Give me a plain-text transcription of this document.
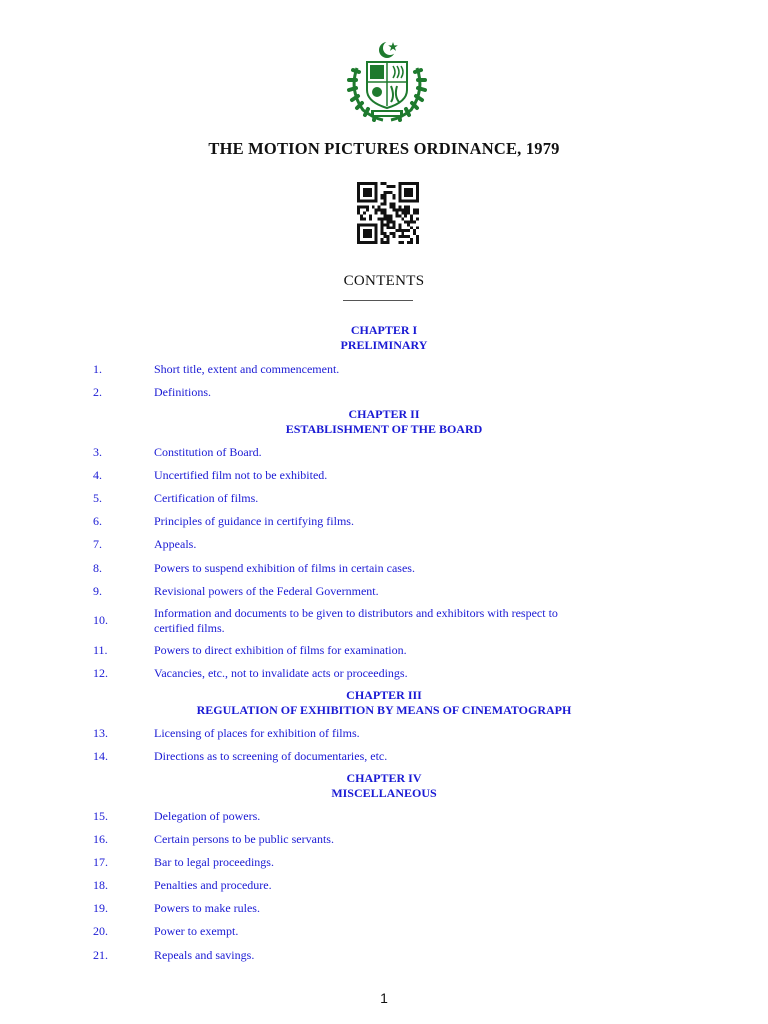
THE MOTION PICTURES ORDINANCE, 1979
CONTENTS
CHAPTER I
PRELIMINARY
1.	Short title, extent and commencement.
2.	Definitions.
CHAPTER II
ESTABLISHMENT OF THE BOARD
3.	Constitution of Board.
4.	Uncertified film not to be exhibited.
5.	Certification of films.
6.	Principles of guidance in certifying films.
7.	Appeals.
8.	Powers to suspend exhibition of films in certain cases.
9.	Revisional powers of the Federal Government.
10.	Information and documents to be given to distributors and exhibitors with respect to certified films.
11.	Powers to direct exhibition of films for examination.
12.	Vacancies, etc., not to invalidate acts or proceedings.
CHAPTER III
REGULATION OF EXHIBITION BY MEANS OF CINEMATOGRAPH
13.	Licensing of places for exhibition of films.
14.	Directions as to screening of documentaries, etc.
CHAPTER IV
MISCELLANEOUS
15.	Delegation of powers.
16.	Certain persons to be public servants.
17.	Bar to legal proceedings.
18.	Penalties and procedure.
19.	Powers to make rules.
20.	Power to exempt.
21.	Repeals and savings.
1
